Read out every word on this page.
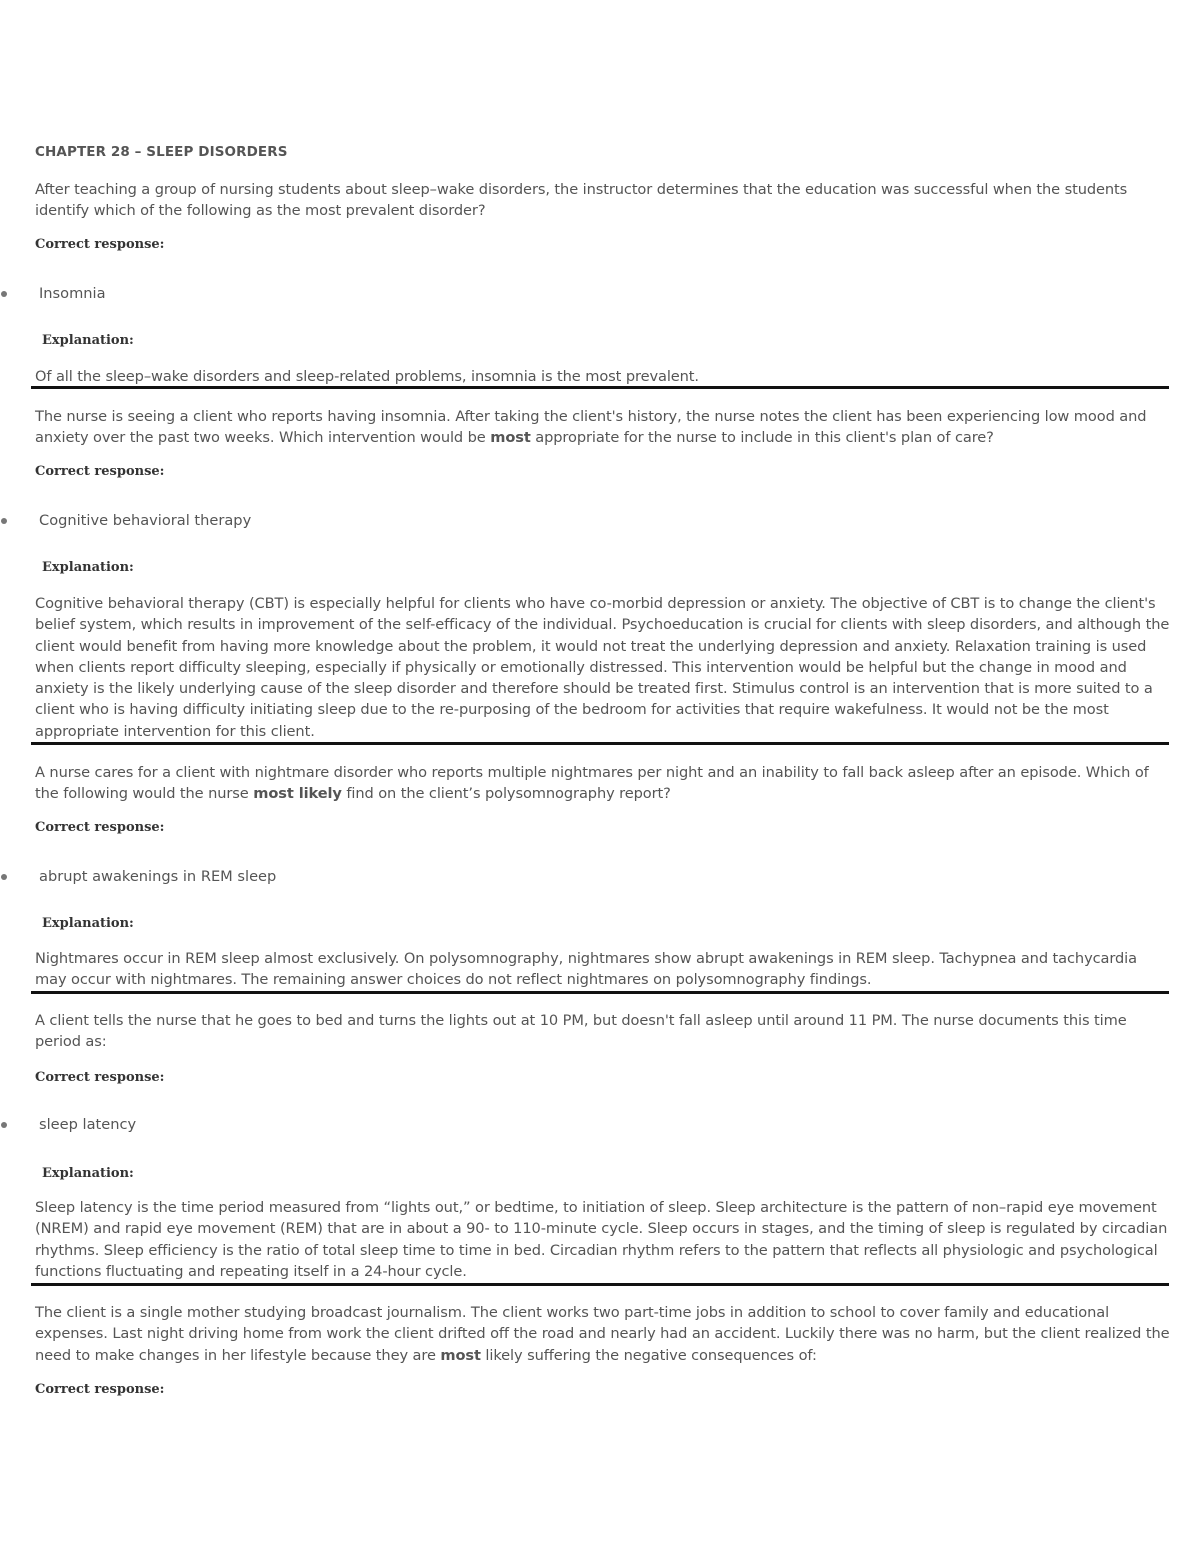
CHAPTER 28 – SLEEP DISORDERS

After teaching a group of nursing students about sleep–wake disorders, the instructor determines that the education was successful when the students identify which of the following as the most prevalent disorder?

Correct response:

Insomnia

Explanation:

Of all the sleep–wake disorders and sleep-related problems, insomnia is the most prevalent.

The nurse is seeing a client who reports having insomnia. After taking the client's history, the nurse notes the client has been experiencing low mood and anxiety over the past two weeks. Which intervention would be most appropriate for the nurse to include in this client's plan of care?

Correct response:

Cognitive behavioral therapy

Explanation:

Cognitive behavioral therapy (CBT) is especially helpful for clients who have co-morbid depression or anxiety. The objective of CBT is to change the client's belief system, which results in improvement of the self-efficacy of the individual. Psychoeducation is crucial for clients with sleep disorders, and although the client would benefit from having more knowledge about the problem, it would not treat the underlying depression and anxiety. Relaxation training is used when clients report difficulty sleeping, especially if physically or emotionally distressed. This intervention would be helpful but the change in mood and anxiety is the likely underlying cause of the sleep disorder and therefore should be treated first. Stimulus control is an intervention that is more suited to a client who is having difficulty initiating sleep due to the re-purposing of the bedroom for activities that require wakefulness. It would not be the most appropriate intervention for this client.

A nurse cares for a client with nightmare disorder who reports multiple nightmares per night and an inability to fall back asleep after an episode. Which of the following would the nurse most likely find on the client’s polysomnography report?

Correct response:

abrupt awakenings in REM sleep

Explanation:

Nightmares occur in REM sleep almost exclusively. On polysomnography, nightmares show abrupt awakenings in REM sleep. Tachypnea and tachycardia may occur with nightmares. The remaining answer choices do not reflect nightmares on polysomnography findings.

A client tells the nurse that he goes to bed and turns the lights out at 10 PM, but doesn't fall asleep until around 11 PM. The nurse documents this time period as:

Correct response:

sleep latency

Explanation:

Sleep latency is the time period measured from “lights out,” or bedtime, to initiation of sleep. Sleep architecture is the pattern of non–rapid eye movement (NREM) and rapid eye movement (REM) that are in about a 90- to 110-minute cycle. Sleep occurs in stages, and the timing of sleep is regulated by circadian rhythms. Sleep efficiency is the ratio of total sleep time to time in bed. Circadian rhythm refers to the pattern that reflects all physiologic and psychological functions fluctuating and repeating itself in a 24-hour cycle.

The client is a single mother studying broadcast journalism. The client works two part-time jobs in addition to school to cover family and educational expenses. Last night driving home from work the client drifted off the road and nearly had an accident. Luckily there was no harm, but the client realized the need to make changes in her lifestyle because they are most likely suffering the negative consequences of:

Correct response:
